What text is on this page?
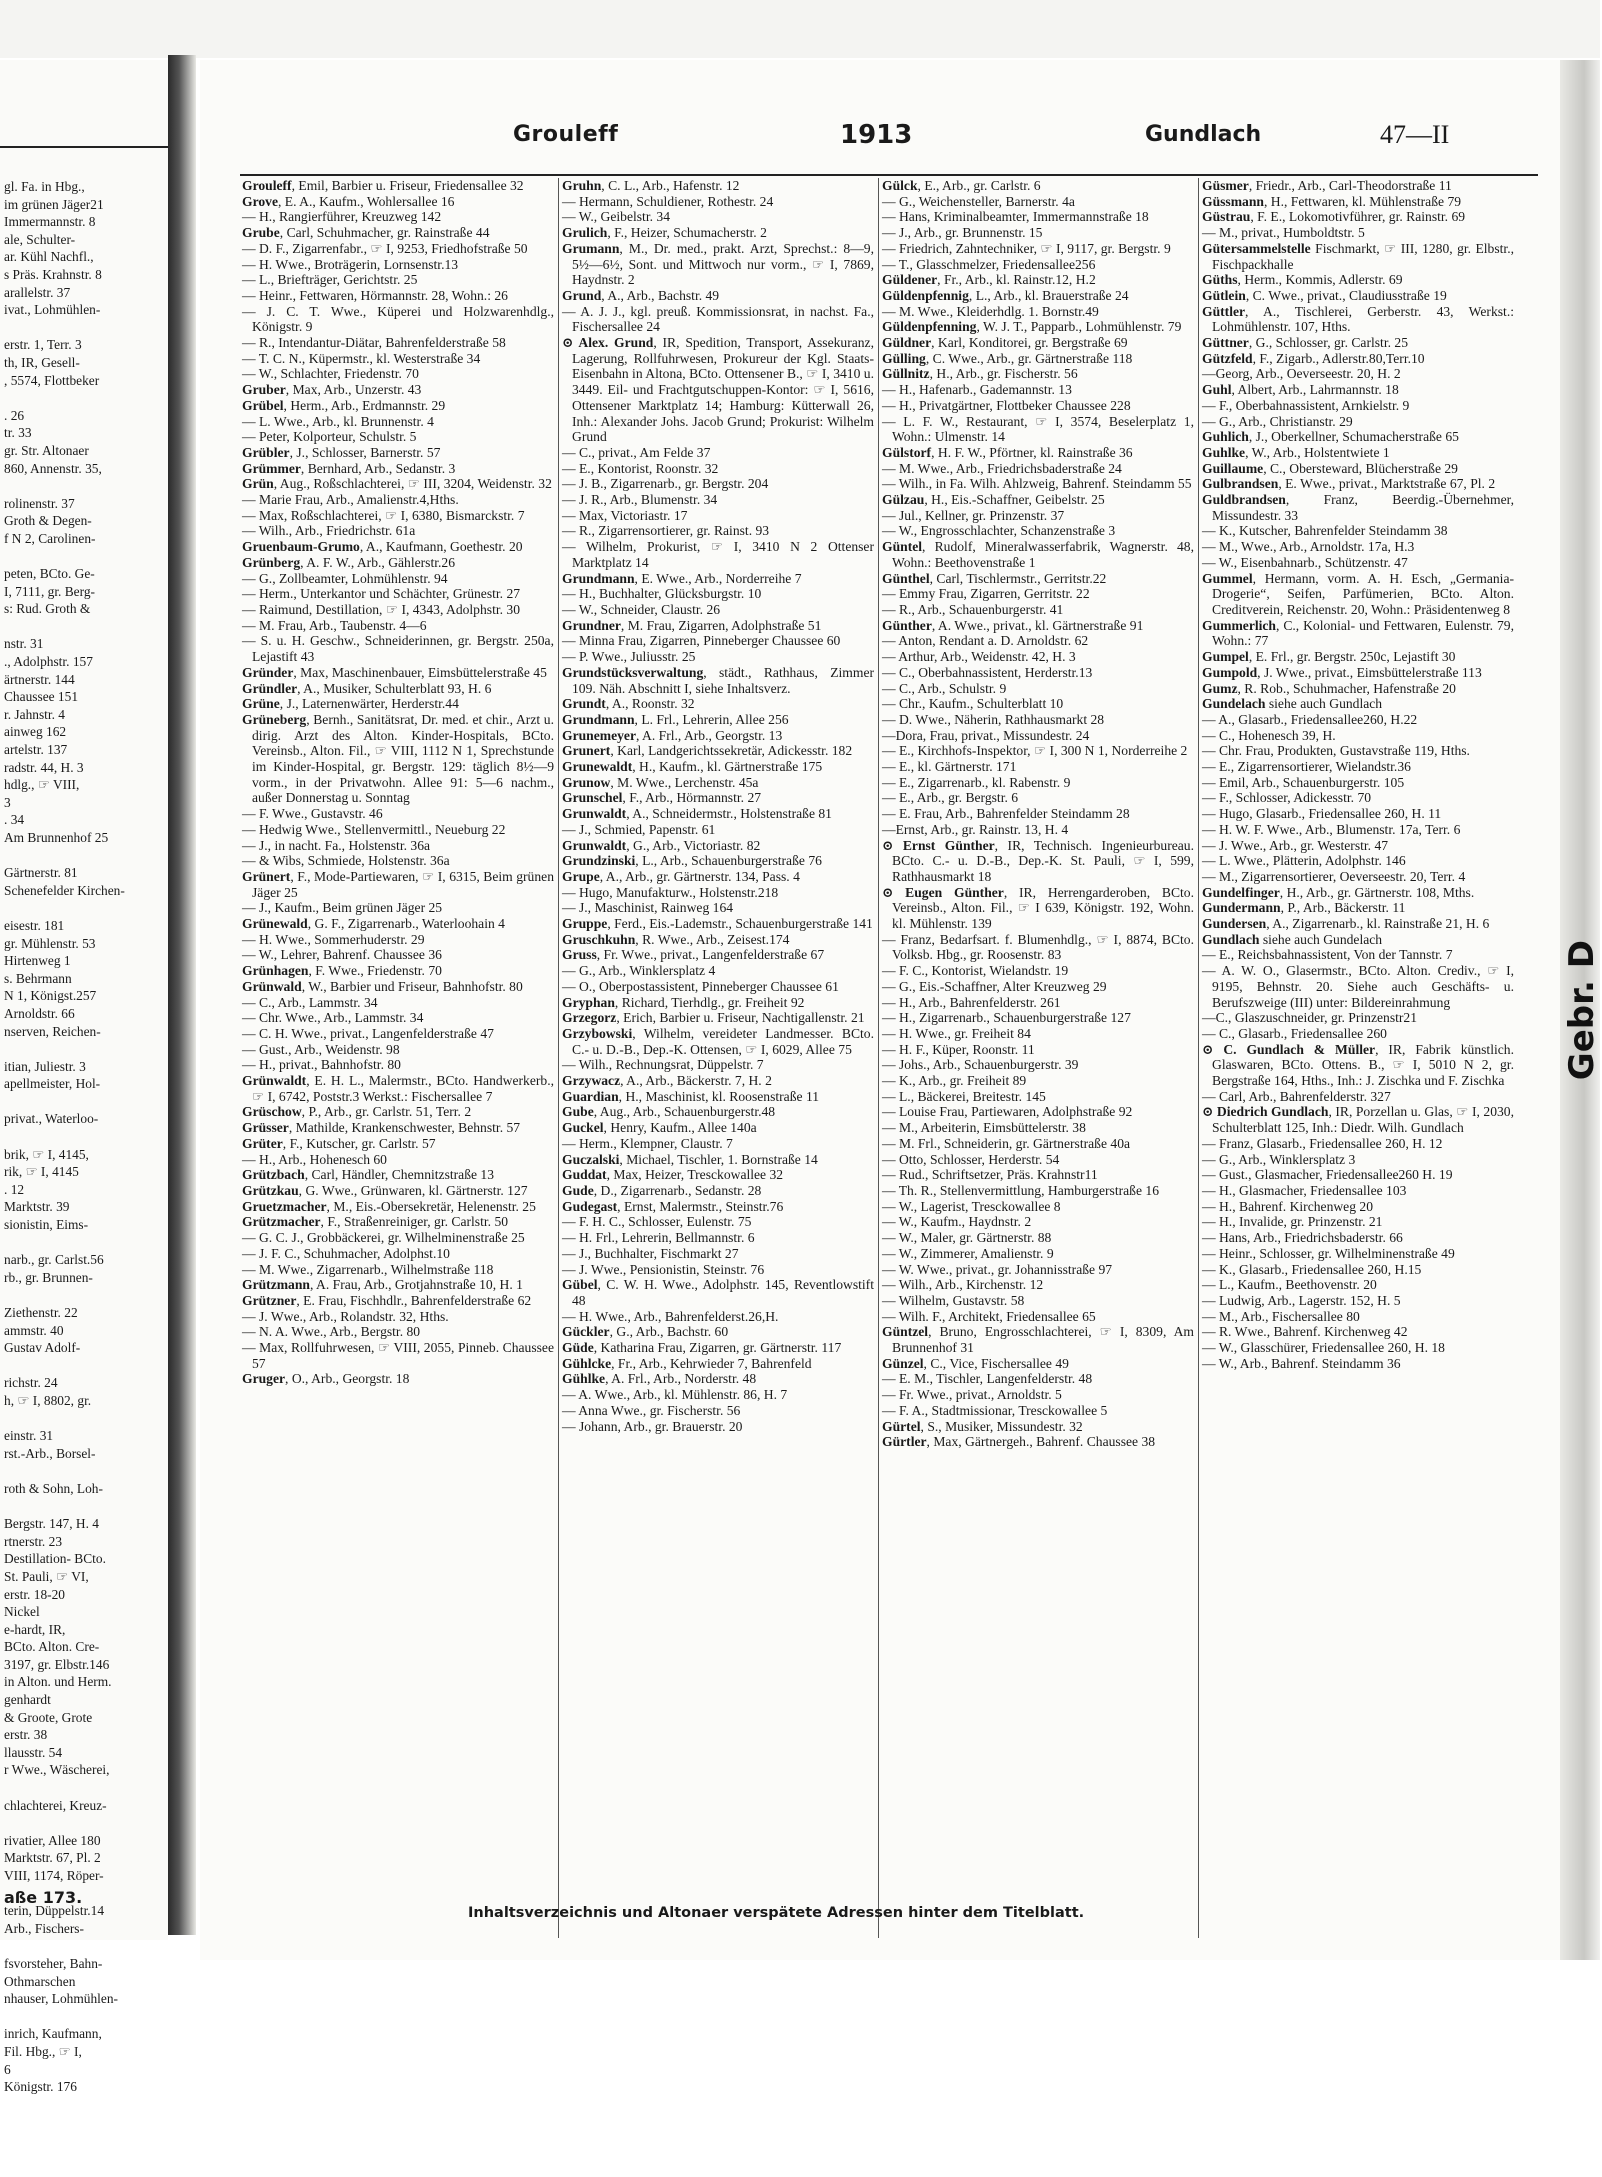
gl. Fa. in Hbg.,
im grünen Jäger21
Immermannstr. 8
ale, Schulter-
ar. Kühl Nachfl.,
s Präs. Krahnstr. 8
arallelstr. 37
ivat., Lohmühlen-

erstr. 1, Terr. 3
th, IR, Gesell-
, 5574, Flottbeker

. 26
tr. 33
gr. Str. Altonaer
860, Annenstr. 35,

rolinenstr. 37
Groth & Degen-
f N 2, Carolinen-

peten, BCto. Ge-
I, 7111, gr. Berg-
s: Rud. Groth &

nstr. 31
., Adolphstr. 157
ärtnerstr. 144
Chaussee 151
r. Jahnstr. 4
ainweg 162
artelstr. 137
radstr. 44, H. 3
hdlg., ☞ VIII,
3
. 34
Am Brunnenhof 25

Gärtnerstr. 81
Schenefelder Kirchen-

eisestr. 181
gr. Mühlenstr. 53
Hirtenweg 1
s. Behrmann
N 1, Königst.257
Arnoldstr. 66
nserven, Reichen-

itian, Juliestr. 3
apellmeister, Hol-

privat., Waterloo-

brik, ☞ I, 4145,
rik, ☞ I, 4145
. 12
Marktstr. 39
sionistin, Eims-

narb., gr. Carlst.56
rb., gr. Brunnen-

Ziethenstr. 22
ammstr. 40
Gustav Adolf-

richstr. 24
h, ☞ I, 8802, gr.

einstr. 31
rst.-Arb., Borsel-

roth & Sohn, Loh-

Bergstr. 147, H. 4
rtnerstr. 23
Destillation- BCto.
St. Pauli, ☞ VI,
erstr. 18-20
Nickel
e-hardt, IR,
BCto. Alton. Cre-
3197, gr. Elbstr.146
in Alton. und Herm.
genhardt
& Groote, Grote
erstr. 38
llausstr. 54
r Wwe., Wäscherei,

chlachterei, Kreuz-

rivatier, Allee 180
Marktstr. 67, Pl. 2
VIII, 1174, Röper-

terin, Düppelstr.14
Arb., Fischers-

fsvorsteher, Bahn-
Othmarschen
nhauser, Lohmühlen-

inrich, Kaufmann,
Fil. Hbg., ☞ I,
6
Königstr. 176
aße 173.
Grouleff	1913	Gundlach	47—II
Grouleff, Emil, Barbier u. Friseur, Friedensallee 32
Grove, E. A., Kaufm., Wohlersallee 16
— H., Rangierführer, Kreuzweg 142
Grube, Carl, Schuhmacher, gr. Rainstraße 44
— D. F., Zigarrenfabr., ☞ I, 9253, Friedhofstraße 50
— H. Wwe., Broträgerin, Lornsenstr.13
— L., Briefträger, Gerichtstr. 25
— Heinr., Fettwaren, Hörmannstr. 28, Wohn.: 26
— J. C. T. Wwe., Küperei und Holzwarenhdlg., Königstr. 9
— R., Intendantur-Diätar, Bahrenfelderstraße 58
— T. C. N., Küpermstr., kl. Westerstraße 34
— W., Schlachter, Friedenstr. 70
Gruber, Max, Arb., Unzerstr. 43
Grübel, Herm., Arb., Erdmannstr. 29
— L. Wwe., Arb., kl. Brunnenstr. 4
— Peter, Kolporteur, Schulstr. 5
Grübler, J., Schlosser, Barnerstr. 57
Grümmer, Bernhard, Arb., Sedanstr. 3
Grün, Aug., Roßschlachterei, ☞ III, 3204, Weidenstr. 32
— Marie Frau, Arb., Amalienstr.4,Hths.
— Max, Roßschlachterei, ☞ I, 6380, Bismarckstr. 7
— Wilh., Arb., Friedrichstr. 61a
Gruenbaum-Grumo, A., Kaufmann, Goethestr. 20
Grünberg, A. F. W., Arb., Gählerstr.26
— G., Zollbeamter, Lohmühlenstr. 94
— Herm., Unterkantor und Schächter, Grünestr. 27
— Raimund, Destillation, ☞ I, 4343, Adolphstr. 30
— M. Frau, Arb., Taubenstr. 4—6
— S. u. H. Geschw., Schneiderinnen, gr. Bergstr. 250a, Lejastift 43
Gründer, Max, Maschinenbauer, Eimsbüttelerstraße 45
Gründler, A., Musiker, Schulterblatt 93, H. 6
Grüne, J., Laternenwärter, Herderstr.44
Grüneberg, Bernh., Sanitätsrat, Dr. med. et chir., Arzt u. dirig. Arzt des Alton. Kinder-Hospitals, BCto. Vereinsb., Alton. Fil., ☞ VIII, 1112 N 1, Sprechstunde im Kinder-Hospital, gr. Bergstr. 129: täglich 8½—9 vorm., in der Privatwohn. Allee 91: 5—6 nachm., außer Donnerstag u. Sonntag
— F. Wwe., Gustavstr. 46
— Hedwig Wwe., Stellenvermittl., Neueburg 22
— J., in nacht. Fa., Holstenstr. 36a
— & Wibs, Schmiede, Holstenstr. 36a
Grünert, F., Mode-Partiewaren, ☞ I, 6315, Beim grünen Jäger 25
— J., Kaufm., Beim grünen Jäger 25
Grünewald, G. F., Zigarrenarb., Waterloohain 4
— H. Wwe., Sommerhuderstr. 29
— W., Lehrer, Bahrenf. Chaussee 36
Grünhagen, F. Wwe., Friedenstr. 70
Grünwald, W., Barbier und Friseur, Bahnhofstr. 80
— C., Arb., Lammstr. 34
— Chr. Wwe., Arb., Lammstr. 34
— C. H. Wwe., privat., Langenfelderstraße 47
— Gust., Arb., Weidenstr. 98
— H., privat., Bahnhofstr. 80
Grünwaldt, E. H. L., Malermstr., BCto. Handwerkerb., ☞ I, 6742, Poststr.3 Werkst.: Fischersallee 7
Grüschow, P., Arb., gr. Carlstr. 51, Terr. 2
Grüsser, Mathilde, Krankenschwester, Behnstr. 57
Grüter, F., Kutscher, gr. Carlstr. 57
— H., Arb., Hohenesch 60
Grützbach, Carl, Händler, Chemnitzstraße 13
Grützkau, G. Wwe., Grünwaren, kl. Gärtnerstr. 127
Gruetzmacher, M., Eis.-Obersekretär, Helenenstr. 25
Grützmacher, F., Straßenreiniger, gr. Carlstr. 50
— G. C. J., Grobbäckerei, gr. Wilhelminenstraße 25
— J. F. C., Schuhmacher, Adolphst.10
— M. Wwe., Zigarrenarb., Wilhelmstraße 118
Grützmann, A. Frau, Arb., Grotjahnstraße 10, H. 1
Grützner, E. Frau, Fischhdlr., Bahrenfelderstraße 62
— J. Wwe., Arb., Rolandstr. 32, Hths.
— N. A. Wwe., Arb., Bergstr. 80
— Max, Rollfuhrwesen, ☞ VIII, 2055, Pinneb. Chaussee 57
Gruger, O., Arb., Georgstr. 18
Gruhn, C. L., Arb., Hafenstr. 12
— Hermann, Schuldiener, Rothestr. 24
— W., Geibelstr. 34
Grulich, F., Heizer, Schumacherstr. 2
Grumann, M., Dr. med., prakt. Arzt, Sprechst.: 8—9, 5½—6½, Sont. und Mittwoch nur vorm., ☞ I, 7869, Haydnstr. 2
Grund, A., Arb., Bachstr. 49
— A. J. J., kgl. preuß. Kommissionsrat, in nachst. Fa., Fischersallee 24
⊙ Alex. Grund, IR, Spedition, Transport, Assekuranz, Lagerung, Rollfuhrwesen, Prokureur der Kgl. Staats-Eisenbahn in Altona, BCto. Ottensener B., ☞ I, 3410 u. 3449. Eil- und Frachtgutschuppen-Kontor: ☞ I, 5616, Ottensener Marktplatz 14; Hamburg: Kütterwall 26, Inh.: Alexander Johs. Jacob Grund; Prokurist: Wilhelm Grund
— C., privat., Am Felde 37
— E., Kontorist, Roonstr. 32
— J. B., Zigarrenarb., gr. Bergstr. 204
— J. R., Arb., Blumenstr. 34
— Max, Victoriastr. 17
— R., Zigarrensortierer, gr. Rainst. 93
— Wilhelm, Prokurist, ☞ I, 3410 N 2 Ottenser Marktplatz 14
Grundmann, E. Wwe., Arb., Norderreihe 7
— H., Buchhalter, Glücksburgstr. 10
— W., Schneider, Claustr. 26
Grundner, M. Frau, Zigarren, Adolphstraße 51
— Minna Frau, Zigarren, Pinneberger Chaussee 60
— P. Wwe., Juliusstr. 25
Grundstücksverwaltung, städt., Rathhaus, Zimmer 109. Näh. Abschnitt I, siehe Inhaltsverz.
Grundt, A., Roonstr. 32
Grundmann, L. Frl., Lehrerin, Allee 256
Grunemeyer, A. Frl., Arb., Georgstr. 13
Grunert, Karl, Landgerichtssekretär, Adickesstr. 182
Grunewaldt, H., Kaufm., kl. Gärtnerstraße 175
Grunow, M. Wwe., Lerchenstr. 45a
Grunschel, F., Arb., Hörmannstr. 27
Grunwaldt, A., Schneidermstr., Holstenstraße 81
— J., Schmied, Papenstr. 61
Grunwaldt, G., Arb., Victoriastr. 82
Grundzinski, L., Arb., Schauenburgerstraße 76
Grupe, A., Arb., gr. Gärtnerstr. 134, Pass. 4
— Hugo, Manufakturw., Holstenstr.218
— J., Maschinist, Rainweg 164
Gruppe, Ferd., Eis.-Lademstr., Schauenburgerstraße 141
Gruschkuhn, R. Wwe., Arb., Zeisest.174
Gruss, Fr. Wwe., privat., Langenfelderstraße 67
— G., Arb., Winklersplatz 4
— O., Oberpostassistent, Pinneberger Chaussee 61
Gryphan, Richard, Tierhdlg., gr. Freiheit 92
Grzegorz, Erich, Barbier u. Friseur, Nachtigallenstr. 21
Grzybowski, Wilhelm, vereideter Landmesser. BCto. C.- u. D.-B., Dep.-K. Ottensen, ☞ I, 6029, Allee 75
— Wilh., Rechnungsrat, Düppelstr. 7
Grzywacz, A., Arb., Bäckerstr. 7, H. 2
Guardian, H., Maschinist, kl. Roosenstraße 11
Gube, Aug., Arb., Schauenburgerstr.48
Guckel, Henry, Kaufm., Allee 140a
— Herm., Klempner, Claustr. 7
Guczalski, Michael, Tischler, 1. Bornstraße 14
Guddat, Max, Heizer, Tresckowallee 32
Gude, D., Zigarrenarb., Sedanstr. 28
Gudegast, Ernst, Malermstr., Steinstr.76
— F. H. C., Schlosser, Eulenstr. 75
— H. Frl., Lehrerin, Bellmannstr. 6
— J., Buchhalter, Fischmarkt 27
— J. Wwe., Pensionistin, Steinstr. 76
Gübel, C. W. H. Wwe., Adolphstr. 145, Reventlowstift 48
— H. Wwe., Arb., Bahrenfelderst.26,H.
Gückler, G., Arb., Bachstr. 60
Güde, Katharina Frau, Zigarren, gr. Gärtnerstr. 117
Gühlcke, Fr., Arb., Kehrwieder 7, Bahrenfeld
Gühlke, A. Frl., Arb., Norderstr. 48
— A. Wwe., Arb., kl. Mühlenstr. 86, H. 7
— Anna Wwe., gr. Fischerstr. 56
— Johann, Arb., gr. Brauerstr. 20
Gülck, E., Arb., gr. Carlstr. 6
— G., Weichensteller, Barnerstr. 4a
— Hans, Kriminalbeamter, Immermannstraße 18
— J., Arb., gr. Brunnenstr. 15
— Friedrich, Zahntechniker, ☞ I, 9117, gr. Bergstr. 9
— T., Glasschmelzer, Friedensallee256
Güldener, Fr., Arb., kl. Rainstr.12, H.2
Güldenpfennig, L., Arb., kl. Brauerstraße 24
— M. Wwe., Kleiderhdlg. 1. Bornstr.49
Güldenpfenning, W. J. T., Papparb., Lohmühlenstr. 79
Güldner, Karl, Konditorei, gr. Bergstraße 69
Gülling, C. Wwe., Arb., gr. Gärtnerstraße 118
Güllnitz, H., Arb., gr. Fischerstr. 56
— H., Hafenarb., Gademannstr. 13
— H., Privatgärtner, Flottbeker Chaussee 228
— L. F. W., Restaurant, ☞ I, 3574, Beselerplatz 1, Wohn.: Ulmenstr. 14
Gülstorf, H. F. W., Pförtner, kl. Rainstraße 36
— M. Wwe., Arb., Friedrichsbaderstraße 24
— Wilh., in Fa. Wilh. Ahlzweig, Bahrenf. Steindamm 55
Gülzau, H., Eis.-Schaffner, Geibelstr. 25
— Jul., Kellner, gr. Prinzenstr. 37
— W., Engrosschlachter, Schanzenstraße 3
Güntel, Rudolf, Mineralwasserfabrik, Wagnerstr. 48, Wohn.: Beethovenstraße 1
Günthel, Carl, Tischlermstr., Gerritstr.22
— Emmy Frau, Zigarren, Gerritstr. 22
— R., Arb., Schauenburgerstr. 41
Günther, A. Wwe., privat., kl. Gärtnerstraße 91
— Anton, Rendant a. D. Arnoldstr. 62
— Arthur, Arb., Weidenstr. 42, H. 3
— C., Oberbahnassistent, Herderstr.13
— C., Arb., Schulstr. 9
— Chr., Kaufm., Schulterblatt 10
— D. Wwe., Näherin, Rathhausmarkt 28
—Dora, Frau, privat., Missundestr. 24
— E., Kirchhofs-Inspektor, ☞ I, 300 N 1, Norderreihe 2
— E., kl. Gärtnerstr. 171
— E., Zigarrenarb., kl. Rabenstr. 9
— E., Arb., gr. Bergstr. 6
— E. Frau, Arb., Bahrenfelder Steindamm 28
—Ernst, Arb., gr. Rainstr. 13, H. 4
⊙ Ernst Günther, IR, Technisch. Ingenieurbureau. BCto. C.- u. D.-B., Dep.-K. St. Pauli, ☞ I, 599, Rathhausmarkt 18
⊙ Eugen Günther, IR, Herrengarderoben, BCto. Vereinsb., Alton. Fil., ☞ I 639, Königstr. 192, Wohn. kl. Mühlenstr. 139
— Franz, Bedarfsart. f. Blumenhdlg., ☞ I, 8874, BCto. Volksb. Hbg., gr. Roosenstr. 83
— F. C., Kontorist, Wielandstr. 19
— G., Eis.-Schaffner, Alter Kreuzweg 29
— H., Arb., Bahrenfelderstr. 261
— H., Zigarrenarb., Schauenburgerstraße 127
— H. Wwe., gr. Freiheit 84
— H. F., Küper, Roonstr. 11
— Johs., Arb., Schauenburgerstr. 39
— K., Arb., gr. Freiheit 89
— L., Bäckerei, Breitestr. 145
— Louise Frau, Partiewaren, Adolphstraße 92
— M., Arbeiterin, Eimsbüttelerstr. 38
— M. Frl., Schneiderin, gr. Gärtnerstraße 40a
— Otto, Schlosser, Herderstr. 54
— Rud., Schriftsetzer, Präs. Krahnstr11
— Th. R., Stellenvermittlung, Hamburgerstraße 16
— W., Lagerist, Tresckowallee 8
— W., Kaufm., Haydnstr. 2
— W., Maler, gr. Gärtnerstr. 88
— W., Zimmerer, Amalienstr. 9
— W. Wwe., privat., gr. Johannisstraße 97
— Wilh., Arb., Kirchenstr. 12
— Wilhelm, Gustavstr. 58
— Wilh. F., Architekt, Friedensallee 65
Güntzel, Bruno, Engrosschlachterei, ☞ I, 8309, Am Brunnenhof 31
Günzel, C., Vice, Fischersallee 49
— E. M., Tischler, Langenfelderstr. 48
— Fr. Wwe., privat., Arnoldstr. 5
— F. A., Stadtmissionar, Tresckowallee 5
Gürtel, S., Musiker, Missundestr. 32
Gürtler, Max, Gärtnergeh., Bahrenf. Chaussee 38
Güsmer, Friedr., Arb., Carl-Theodorstraße 11
Güssmann, H., Fettwaren, kl. Mühlenstraße 79
Güstrau, F. E., Lokomotivführer, gr. Rainstr. 69
— M., privat., Humboldtstr. 5
Gütersammelstelle Fischmarkt, ☞ III, 1280, gr. Elbstr., Fischpackhalle
Güths, Herm., Kommis, Adlerstr. 69
Gütlein, C. Wwe., privat., Claudiusstraße 19
Güttler, A., Tischlerei, Gerberstr. 43, Werkst.: Lohmühlenstr. 107, Hths.
Güttner, G., Schlosser, gr. Carlstr. 25
Gützfeld, F., Zigarb., Adlerstr.80,Terr.10
—Georg, Arb., Oeverseestr. 20, H. 2
Guhl, Albert, Arb., Lahrmannstr. 18
— F., Oberbahnassistent, Arnkielstr. 9
— G., Arb., Christianstr. 29
Guhlich, J., Oberkellner, Schumacherstraße 65
Guhlke, W., Arb., Holstentwiete 1
Guillaume, C., Obersteward, Blücherstraße 29
Gulbrandsen, E. Wwe., privat., Marktstraße 67, Pl. 2
Guldbrandsen, Franz, Beerdig.-Übernehmer, Missundestr. 33
— K., Kutscher, Bahrenfelder Steindamm 38
— M., Wwe., Arb., Arnoldstr. 17a, H.3
— W., Eisenbahnarb., Schützenstr. 47
Gummel, Hermann, vorm. A. H. Esch, „Germania-Drogerie“, Seifen, Parfümerien, BCto. Alton. Creditverein, Reichenstr. 20, Wohn.: Präsidentenweg 8
Gummerlich, C., Kolonial- und Fettwaren, Eulenstr. 79, Wohn.: 77
Gumpel, E. Frl., gr. Bergstr. 250c, Lejastift 30
Gumpold, J. Wwe., privat., Eimsbüttelerstraße 113
Gumz, R. Rob., Schuhmacher, Hafenstraße 20
Gundelach siehe auch Gundlach
— A., Glasarb., Friedensallee260, H.22
— C., Hohenesch 39, H.
— Chr. Frau, Produkten, Gustavstraße 119, Hths.
— E., Zigarrensortierer, Wielandstr.36
— Emil, Arb., Schauenburgerstr. 105
— F., Schlosser, Adickesstr. 70
— Hugo, Glasarb., Friedensallee 260, H. 11
— H. W. F. Wwe., Arb., Blumenstr. 17a, Terr. 6
— J. Wwe., Arb., gr. Westerstr. 47
— L. Wwe., Plätterin, Adolphstr. 146
— M., Zigarrensortierer, Oeverseestr. 20, Terr. 4
Gundelfinger, H., Arb., gr. Gärtnerstr. 108, Mths.
Gundermann, P., Arb., Bäckerstr. 11
Gundersen, A., Zigarrenarb., kl. Rainstraße 21, H. 6
Gundlach siehe auch Gundelach
— E., Reichsbahnassistent, Von der Tannstr. 7
— A. W. O., Glasermstr., BCto. Alton. Crediv., ☞ I, 9195, Behnstr. 20. Siehe auch Geschäfts- u. Berufszweige (III) unter: Bildereinrahmung
—C., Glaszuschneider, gr. Prinzenstr21
— C., Glasarb., Friedensallee 260
⊙ C. Gundlach & Müller, IR, Fabrik künstlich. Glaswaren, BCto. Ottens. B., ☞ I, 5010 N 2, gr. Bergstraße 164, Hths., Inh.: J. Zischka und F. Zischka
— Carl, Arb., Bahrenfelderstr. 327
⊙ Diedrich Gundlach, IR, Porzellan u. Glas, ☞ I, 2030, Schulterblatt 125, Inh.: Diedr. Wilh. Gundlach
— Franz, Glasarb., Friedensallee 260, H. 12
— G., Arb., Winklersplatz 3
— Gust., Glasmacher, Friedensallee260 H. 19
— H., Glasmacher, Friedensallee 103
— H., Bahrenf. Kirchenweg 20
— H., Invalide, gr. Prinzenstr. 21
— Hans, Arb., Friedrichsbaderstr. 66
— Heinr., Schlosser, gr. Wilhelminenstraße 49
— K., Glasarb., Friedensallee 260, H.15
— L., Kaufm., Beethovenstr. 20
— Ludwig, Arb., Lagerstr. 152, H. 5
— M., Arb., Fischersallee 80
— R. Wwe., Bahrenf. Kirchenweg 42
— W., Glasschürer, Friedensallee 260, H. 18
— W., Arb., Bahrenf. Steindamm 36
Inhaltsverzeichnis und Altonaer verspätete Adressen hinter dem Titelblatt.
Gebr. D
